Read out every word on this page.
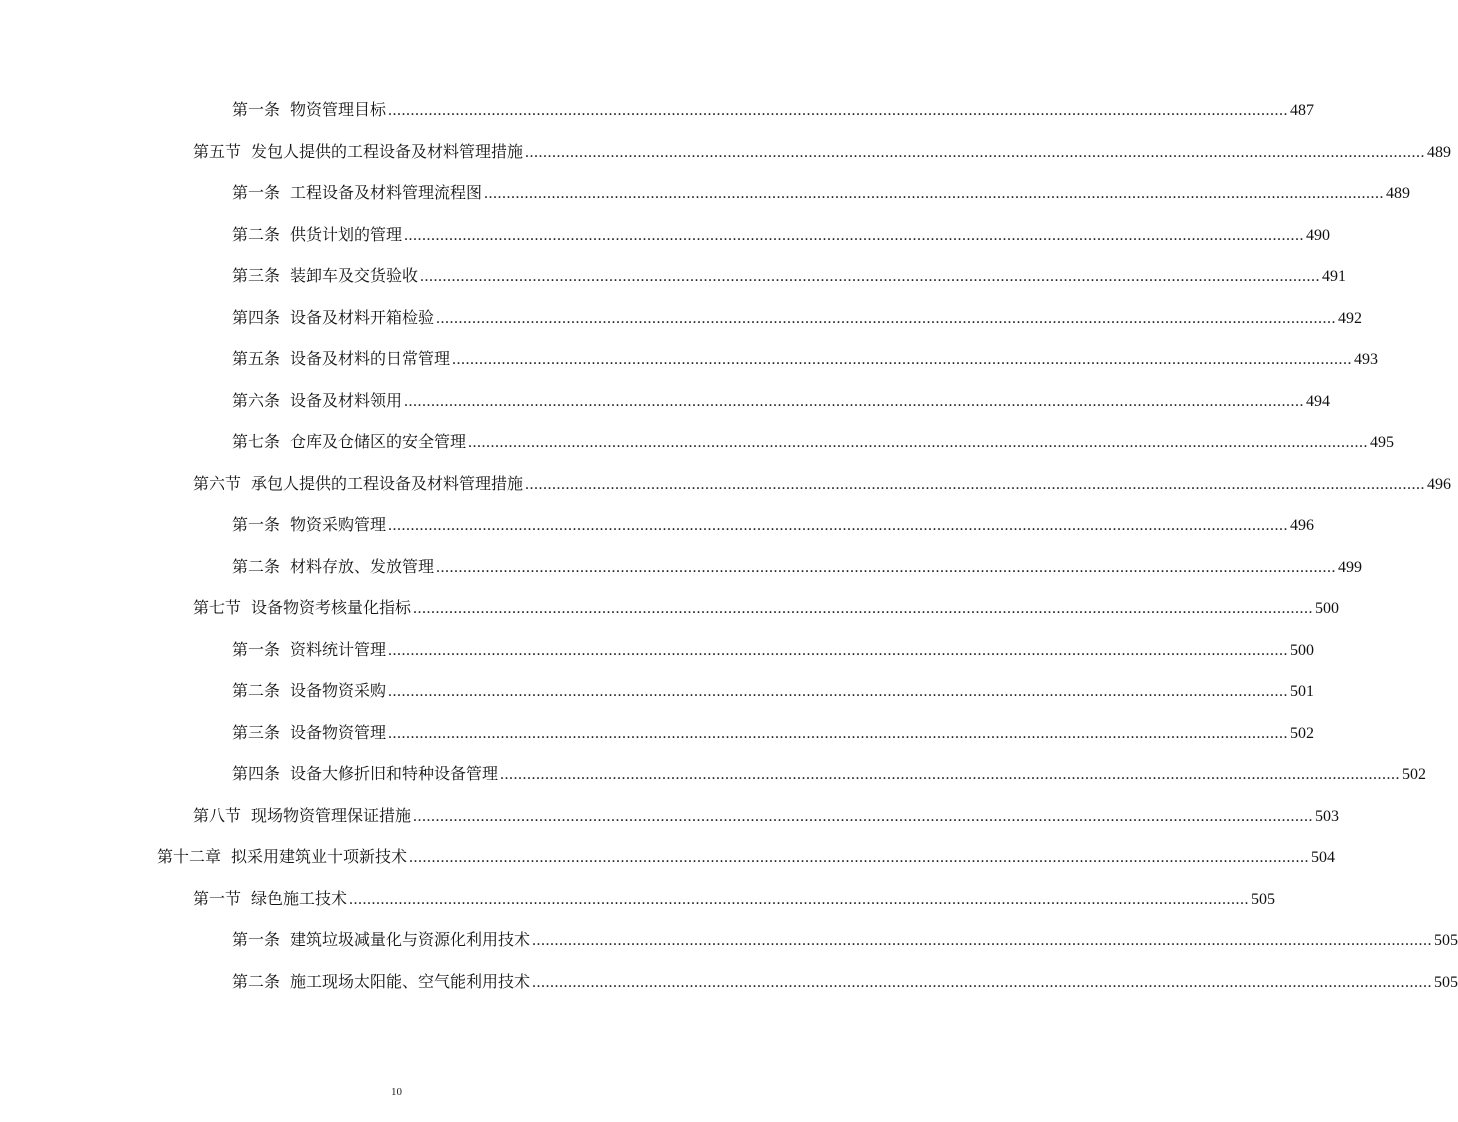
第一条 物资管理目标 ........................................................................................................................................................................................................ 487
第五节 发包人提供的工程设备及材料管理措施 ........................................................................................................................................................................................................ 489
第一条 工程设备及材料管理流程图 ........................................................................................................................................................................................................ 489
第二条 供货计划的管理 ........................................................................................................................................................................................................ 490
第三条 装卸车及交货验收 ........................................................................................................................................................................................................ 491
第四条 设备及材料开箱检验 ........................................................................................................................................................................................................ 492
第五条 设备及材料的日常管理 ........................................................................................................................................................................................................ 493
第六条 设备及材料领用 ........................................................................................................................................................................................................ 494
第七条 仓库及仓储区的安全管理 ........................................................................................................................................................................................................ 495
第六节 承包人提供的工程设备及材料管理措施 ........................................................................................................................................................................................................ 496
第一条 物资采购管理 ........................................................................................................................................................................................................ 496
第二条 材料存放、发放管理 ........................................................................................................................................................................................................ 499
第七节 设备物资考核量化指标 ........................................................................................................................................................................................................ 500
第一条 资料统计管理 ........................................................................................................................................................................................................ 500
第二条 设备物资采购 ........................................................................................................................................................................................................ 501
第三条 设备物资管理 ........................................................................................................................................................................................................ 502
第四条 设备大修折旧和特种设备管理 ........................................................................................................................................................................................................ 502
第八节 现场物资管理保证措施 ........................................................................................................................................................................................................ 503
第十二章 拟采用建筑业十项新技术 ........................................................................................................................................................................................................ 504
第一节 绿色施工技术 ........................................................................................................................................................................................................ 505
第一条 建筑垃圾减量化与资源化利用技术 ........................................................................................................................................................................................................ 505
第二条 施工现场太阳能、空气能利用技术 ........................................................................................................................................................................................................ 505
10
